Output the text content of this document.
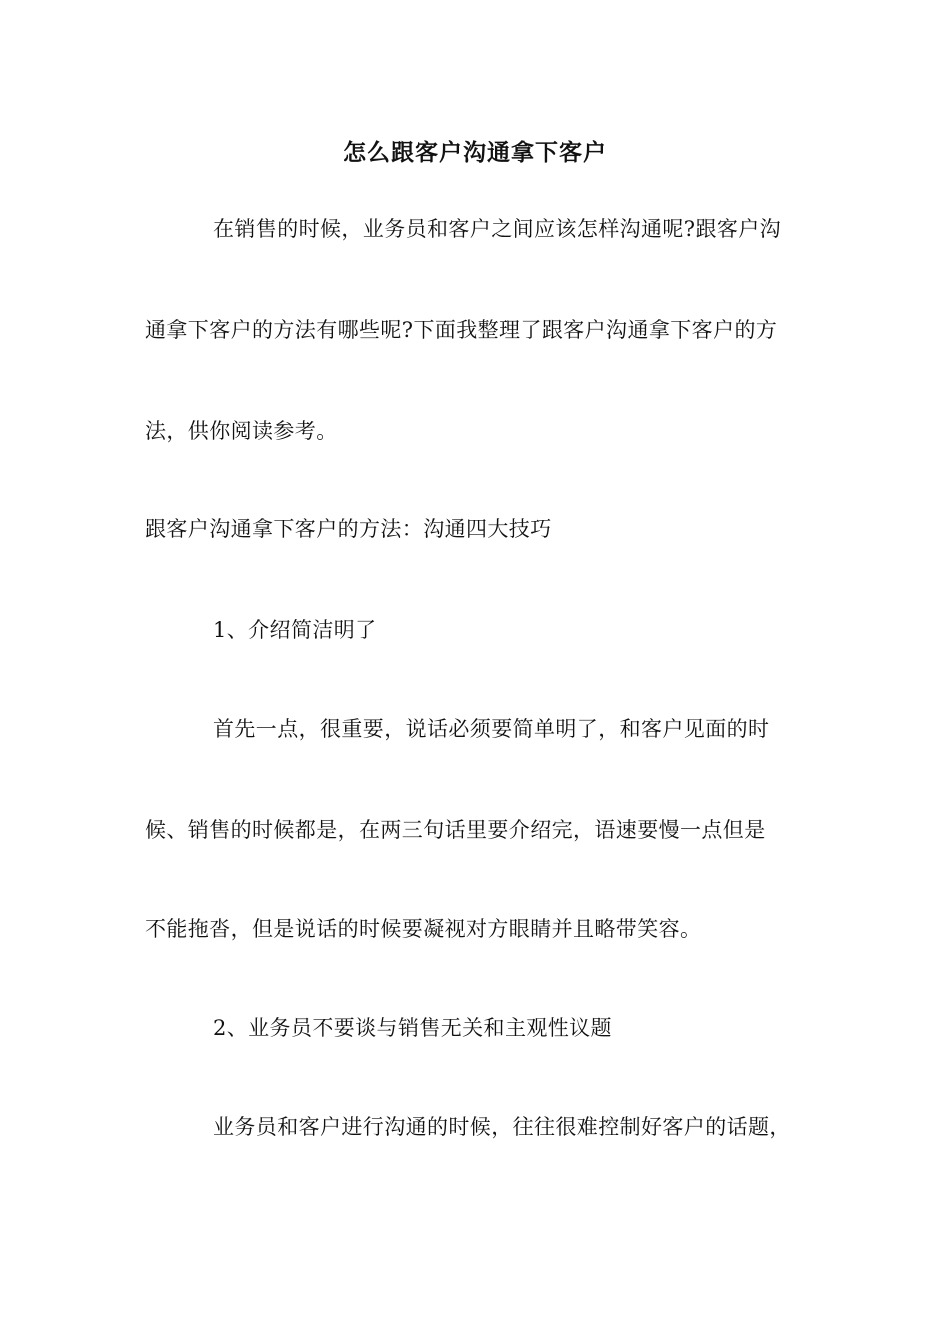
怎么跟客户沟通拿下客户
在销售的时候，业务员和客户之间应该怎样沟通呢?跟客户沟
通拿下客户的方法有哪些呢?下面我整理了跟客户沟通拿下客户的方
法，供你阅读参考。
跟客户沟通拿下客户的方法：沟通四大技巧
1、介绍简洁明了
首先一点，很重要，说话必须要简单明了，和客户见面的时
候、销售的时候都是，在两三句话里要介绍完，语速要慢一点但是
不能拖沓，但是说话的时候要凝视对方眼睛并且略带笑容。
2、业务员不要谈与销售无关和主观性议题
业务员和客户进行沟通的时候，往往很难控制好客户的话题，
